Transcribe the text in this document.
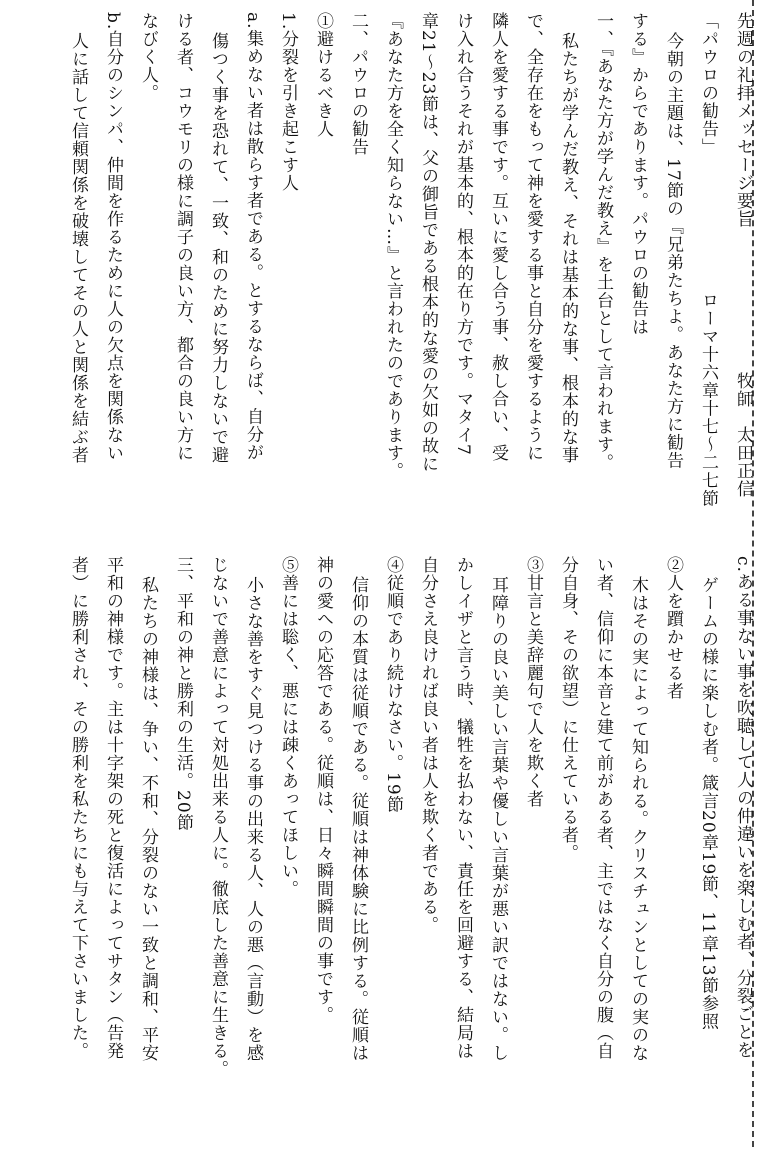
先週の礼拝メッセージ要旨　　　　　　　　牧師　太田正信
「パウロの勧告」　　　　　　　　ローマ十六章十七〜二七節
今朝の主題は、17節の『兄弟たちよ。あなた方に勧告
する』からであります。パウロの勧告は
一、『あなた方が学んだ教え』を土台として言われます。
私たちが学んだ教え、それは基本的な事、根本的な事
で、全存在をもって神を愛する事と自分を愛するように
隣人を愛する事です。互いに愛し合う事、赦し合い、受
け入れ合うそれが基本的、根本的在り方です。マタイ7
章21〜23節は、父の御旨である根本的な愛の欠如の故に
『あなた方を全く知らない…』と言われたのであります。
二、パウロの勧告
①避けるべき人
1.分裂を引き起こす人
a.集めない者は散らす者である。とするならば、自分が
傷つく事を恐れて、一致、和のために努力しないで避
ける者、コウモリの様に調子の良い方、都合の良い方に
なびく人。
b.自分のシンパ、仲間を作るために人の欠点を関係ない
人に話して信頼関係を破壊してその人と関係を結ぶ者
c.ある事ない事を吹聴して人の仲違いを楽しむ者、分裂ごとを
ゲームの様に楽しむ者。箴言20章19節、11章13節参照
②人を躓かせる者
木はその実によって知られる。クリスチュンとしての実のな
い者、信仰に本音と建て前がある者、主ではなく自分の腹（自
分自身、その欲望）に仕えている者。
③甘言と美辞麗句で人を欺く者
耳障りの良い美しい言葉や優しい言葉が悪い訳ではない。し
かしイザと言う時、犠牲を払わない、責任を回避する、結局は
自分さえ良ければ良い者は人を欺く者である。
④従順であり続けなさい。19節
信仰の本質は従順である。従順は神体験に比例する。従順は
神の愛への応答である。従順は、日々瞬間瞬間の事です。
⑤善には聡く、悪には疎くあってほしい。
小さな善をすぐ見つける事の出来る人、人の悪（言動）を感
じないで善意によって対処出来る人に。徹底した善意に生きる。
三、平和の神と勝利の生活。20節
私たちの神様は、争い、不和、分裂のない一致と調和、平安
平和の神様です。主は十字架の死と復活によってサタン（告発
者）に勝利され、その勝利を私たちにも与えて下さいました。
